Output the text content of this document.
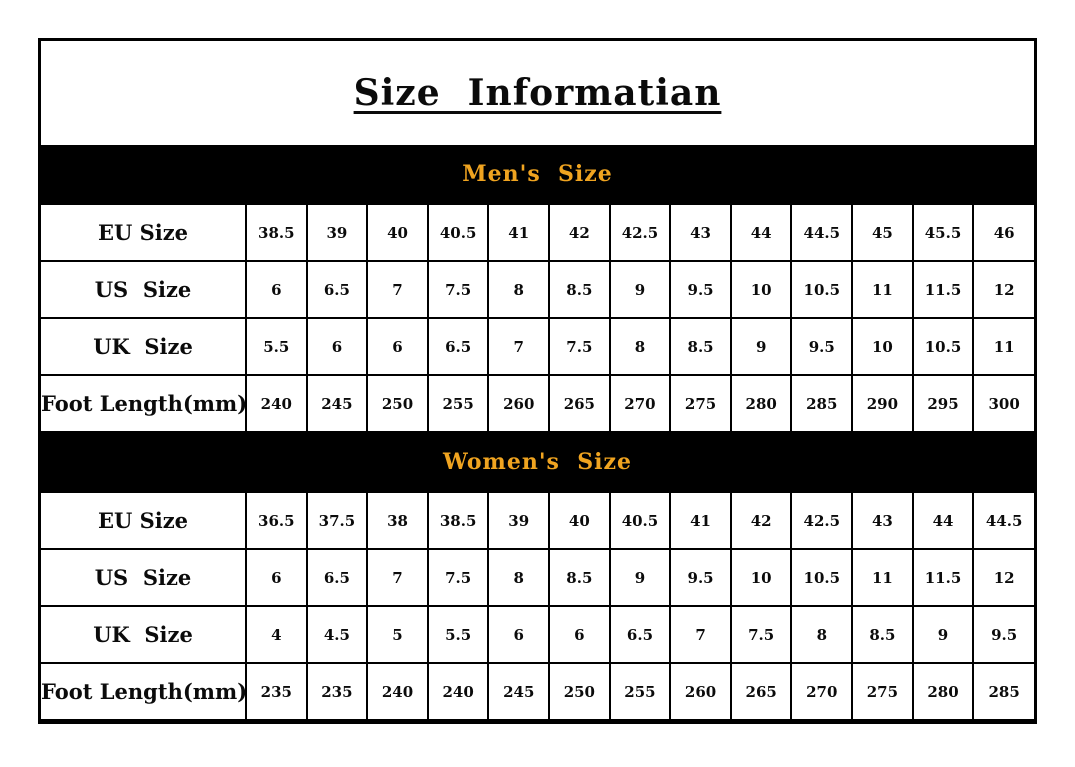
Size  Informatian
Men's  Size
EU Size	38.5	39	40	40.5	41	42	42.5	43	44	44.5	45	45.5	46
US  Size	6	6.5	7	7.5	8	8.5	9	9.5	10	10.5	11	11.5	12
UK  Size	5.5	6	6	6.5	7	7.5	8	8.5	9	9.5	10	10.5	11
Foot Length(mm)	240	245	250	255	260	265	270	275	280	285	290	295	300
Women's  Size
EU Size	36.5	37.5	38	38.5	39	40	40.5	41	42	42.5	43	44	44.5
US  Size	6	6.5	7	7.5	8	8.5	9	9.5	10	10.5	11	11.5	12
UK  Size	4	4.5	5	5.5	6	6	6.5	7	7.5	8	8.5	9	9.5
Foot Length(mm)	235	235	240	240	245	250	255	260	265	270	275	280	285
